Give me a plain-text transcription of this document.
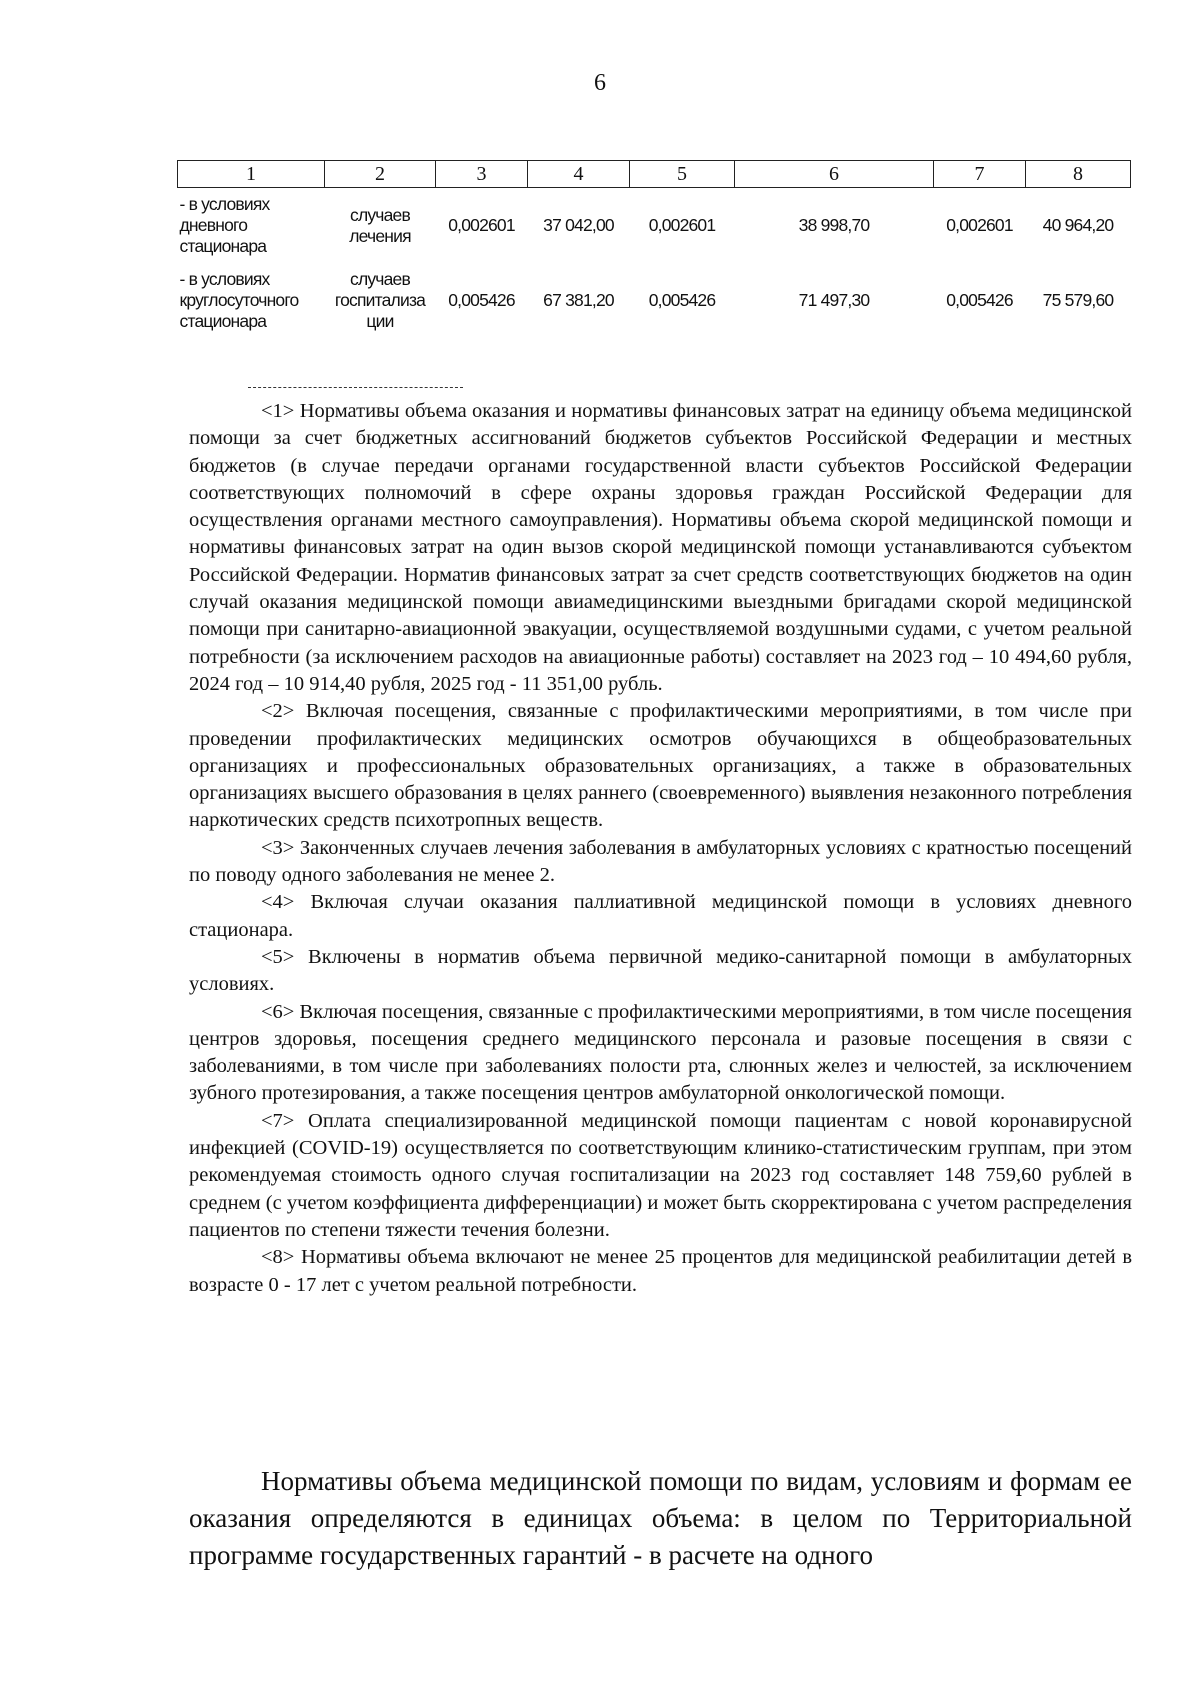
6
1	2	3	4	5	6	7	8
- в условиях дневного стационара	случаев лечения	0,002601	37 042,00	0,002601	38 998,70	0,002601	40 964,20
- в условиях круглосуточного стационара	случаев госпитализа ции	0,005426	67 381,20	0,005426	71 497,30	0,005426	75 579,60

<1> Нормативы объема оказания и нормативы финансовых затрат на единицу объема медицинской помощи за счет бюджетных ассигнований бюджетов субъектов Российской Федерации и местных бюджетов (в случае передачи органами государственной власти субъектов Российской Федерации соответствующих полномочий в сфере охраны здоровья граждан Российской Федерации для осуществления органами местного самоуправления). Нормативы объема скорой медицинской помощи и нормативы финансовых затрат на один вызов скорой медицинской помощи устанавливаются субъектом Российской Федерации. Норматив финансовых затрат за счет средств соответствующих бюджетов на один случай оказания медицинской помощи авиамедицинскими выездными бригадами скорой медицинской помощи при санитарно-авиационной эвакуации, осуществляемой воздушными судами, с учетом реальной потребности (за исключением расходов на авиационные работы) составляет на 2023 год – 10 494,60 рубля, 2024 год – 10 914,40 рубля, 2025 год - 11 351,00 рубль.

<2> Включая посещения, связанные с профилактическими мероприятиями, в том числе при проведении профилактических медицинских осмотров обучающихся в общеобразовательных организациях и профессиональных образовательных организациях, а также в образовательных организациях высшего образования в целях раннего (своевременного) выявления незаконного потребления наркотических средств психотропных веществ.

<3> Законченных случаев лечения заболевания в амбулаторных условиях с кратностью посещений по поводу одного заболевания не менее 2.

<4> Включая случаи оказания паллиативной медицинской помощи в условиях дневного стационара.

<5> Включены в норматив объема первичной медико-санитарной помощи в амбулаторных условиях.

<6> Включая посещения, связанные с профилактическими мероприятиями, в том числе посещения центров здоровья, посещения среднего медицинского персонала и разовые посещения в связи с заболеваниями, в том числе при заболеваниях полости рта, слюнных желез и челюстей, за исключением зубного протезирования, а также посещения центров амбулаторной онкологической помощи.

<7> Оплата специализированной медицинской помощи пациентам с новой коронавирусной инфекцией (COVID-19) осуществляется по соответствующим клинико-статистическим группам, при этом рекомендуемая стоимость одного случая госпитализации на 2023 год составляет 148 759,60 рублей в среднем (с учетом коэффициента дифференциации) и может быть скорректирована с учетом распределения пациентов по степени тяжести течения болезни.

<8> Нормативы объема включают не менее 25 процентов для медицинской реабилитации детей в возрасте 0 - 17 лет с учетом реальной потребности.

Нормативы объема медицинской помощи по видам, условиям и формам ее оказания определяются в единицах объема: в целом по Территориальной программе государственных гарантий - в расчете на одного
